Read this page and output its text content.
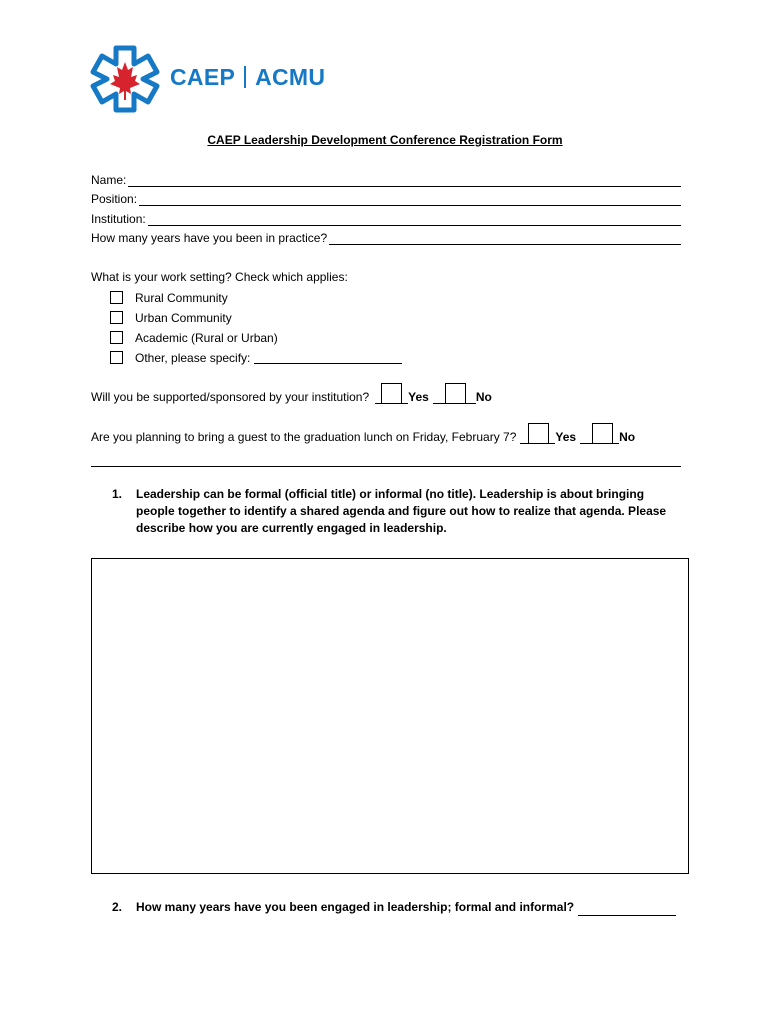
CAEP ACMU
CAEP Leadership Development Conference Registration Form
Name:
Position:
Institution:
How many years have you been in practice?
What is your work setting? Check which applies:
Rural Community
Urban Community
Academic (Rural or Urban)
Other, please specify:
Will you be supported/sponsored by your institution?	Yes	No
Are you planning to bring a guest to the graduation lunch on Friday, February 7?	Yes	No
1. Leadership can be formal (official title) or informal (no title). Leadership is about bringing people together to identify a shared agenda and figure out how to realize that agenda. Please describe how you are currently engaged in leadership.
2. How many years have you been engaged in leadership; formal and informal?
